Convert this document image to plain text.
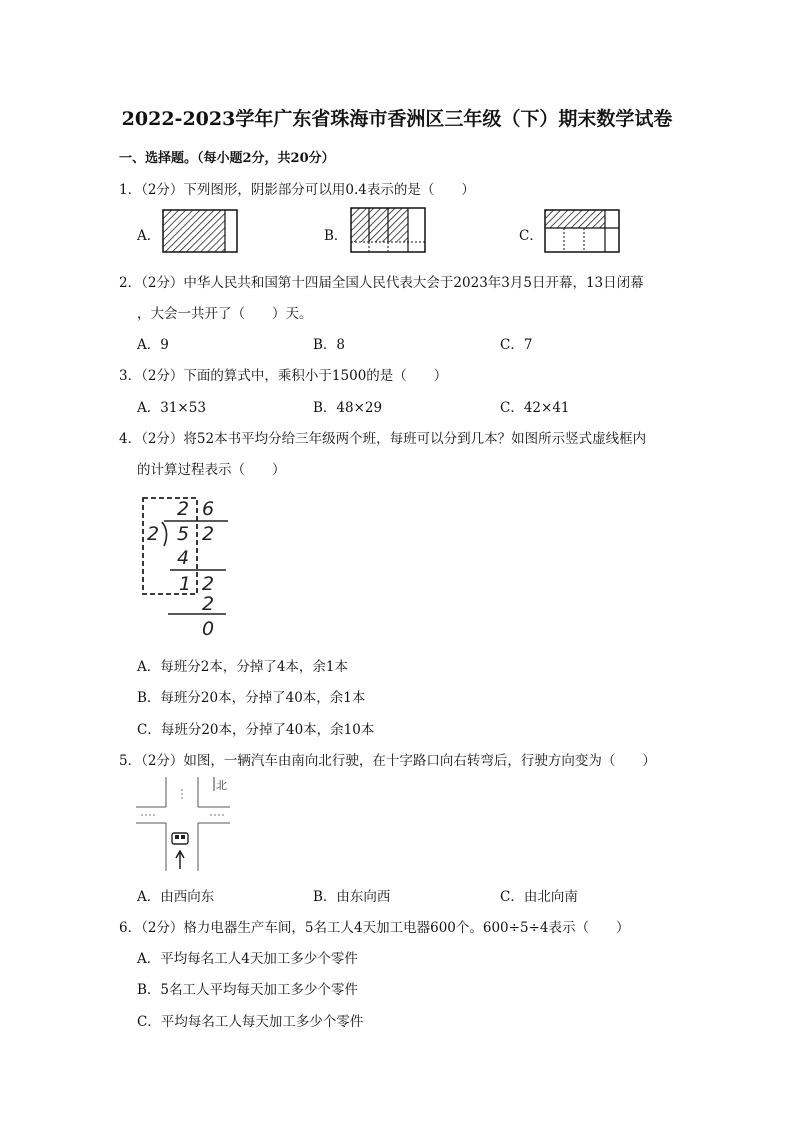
2022-2023学年广东省珠海市香洲区三年级（下）期末数学试卷
一、选择题。（每小题2分，共20分）
1．（2分）下列图形，阴影部分可以用0.4表示的是（　　）
A．	B．	C．
2．（2分）中华人民共和国第十四届全国人民代表大会于2023年3月5日开幕，13日闭幕
，大会一共开了（　　）天。
A．9	B．8	C．7
3．（2分）下面的算式中，乘积小于1500的是（　　）
A．31×53	B．48×29	C．42×41
4．（2分）将52本书平均分给三年级两个班，每班可以分到几本？如图所示竖式虚线框内
的计算过程表示（　　）
2 6
2 5 2
4
1 2
2
0
A．每班分2本，分掉了4本，余1本
B．每班分20本，分掉了40本，余1本
C．每班分20本，分掉了40本，余10本
5．（2分）如图，一辆汽车由南向北行驶，在十字路口向右转弯后，行驶方向变为（　　）
北
A．由西向东	B．由东向西	C．由北向南
6．（2分）格力电器生产车间，5名工人4天加工电器600个。600÷5÷4表示（　　）
A．平均每名工人4天加工多少个零件
B．5名工人平均每天加工多少个零件
C．平均每名工人每天加工多少个零件
